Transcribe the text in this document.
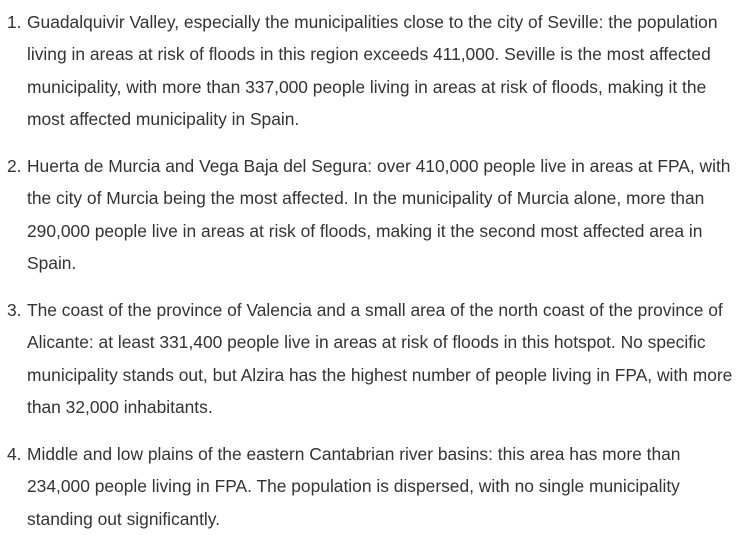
1. Guadalquivir Valley, especially the municipalities close to the city of Seville: the population living in areas at risk of floods in this region exceeds 411,000. Seville is the most affected municipality, with more than 337,000 people living in areas at risk of floods, making it the most affected municipality in Spain.
2. Huerta de Murcia and Vega Baja del Segura: over 410,000 people live in areas at FPA, with the city of Murcia being the most affected. In the municipality of Murcia alone, more than 290,000 people live in areas at risk of floods, making it the second most affected area in Spain.
3. The coast of the province of Valencia and a small area of the north coast of the province of Alicante: at least 331,400 people live in areas at risk of floods in this hotspot. No specific municipality stands out, but Alzira has the highest number of people living in FPA, with more than 32,000 inhabitants.
4. Middle and low plains of the eastern Cantabrian river basins: this area has more than 234,000 people living in FPA. The population is dispersed, with no single municipality standing out significantly.
